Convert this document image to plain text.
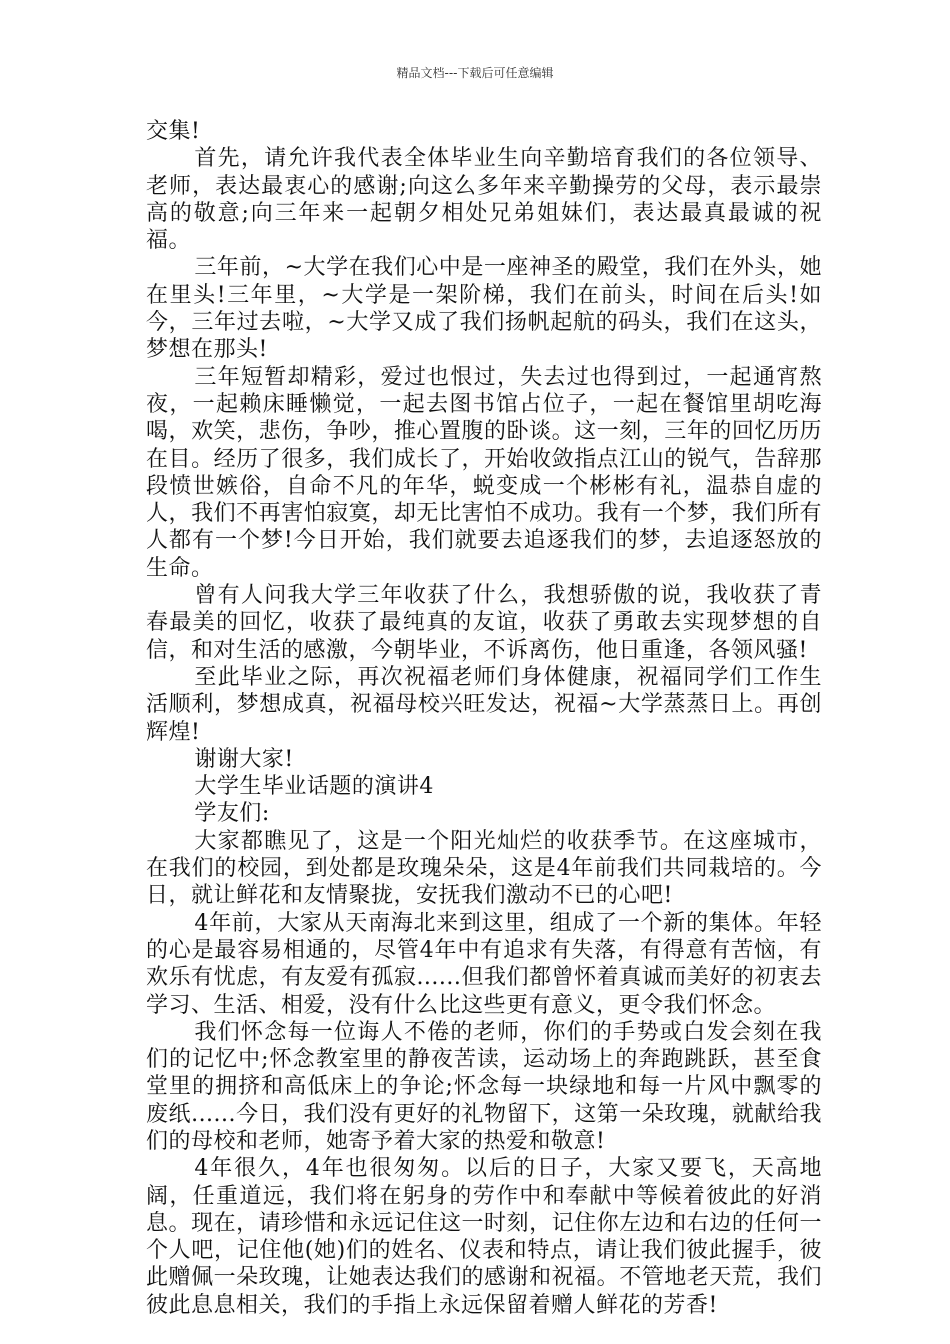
精品文档---下载后可任意编辑

交集!

首先，请允许我代表全体毕业生向辛勤培育我们的各位领导、老师，表达最衷心的感谢;向这么多年来辛勤操劳的父母，表示最崇高的敬意;向三年来一起朝夕相处兄弟姐妹们，表达最真最诚的祝福。

三年前，~大学在我们心中是一座神圣的殿堂，我们在外头，她在里头!三年里，~大学是一架阶梯，我们在前头，时间在后头!如今，三年过去啦，~大学又成了我们扬帆起航的码头，我们在这头，梦想在那头!

三年短暂却精彩，爱过也恨过，失去过也得到过，一起通宵熬夜，一起赖床睡懒觉，一起去图书馆占位子，一起在餐馆里胡吃海喝，欢笑，悲伤，争吵，推心置腹的卧谈。这一刻，三年的回忆历历在目。经历了很多，我们成长了，开始收敛指点江山的锐气，告辞那段愤世嫉俗，自命不凡的年华，蜕变成一个彬彬有礼，温恭自虚的人，我们不再害怕寂寞，却无比害怕不成功。我有一个梦，我们所有人都有一个梦!今日开始，我们就要去追逐我们的梦，去追逐怒放的生命。

曾有人问我大学三年收获了什么，我想骄傲的说，我收获了青春最美的回忆，收获了最纯真的友谊，收获了勇敢去实现梦想的自信，和对生活的感激，今朝毕业，不诉离伤，他日重逢，各领风骚!

至此毕业之际，再次祝福老师们身体健康，祝福同学们工作生活顺利，梦想成真，祝福母校兴旺发达，祝福~大学蒸蒸日上。再创辉煌!

谢谢大家!

大学生毕业话题的演讲4

学友们:

大家都瞧见了，这是一个阳光灿烂的收获季节。在这座城市，在我们的校园，到处都是玫瑰朵朵，这是4年前我们共同栽培的。今日，就让鲜花和友情聚拢，安抚我们激动不已的心吧!

4年前，大家从天南海北来到这里，组成了一个新的集体。年轻的心是最容易相通的，尽管4年中有追求有失落，有得意有苦恼，有欢乐有忧虑，有友爱有孤寂......但我们都曾怀着真诚而美好的初衷去学习、生活、相爱，没有什么比这些更有意义，更令我们怀念。

我们怀念每一位诲人不倦的老师，你们的手势或白发会刻在我们的记忆中;怀念教室里的静夜苦读，运动场上的奔跑跳跃，甚至食堂里的拥挤和高低床上的争论;怀念每一块绿地和每一片风中飘零的废纸......今日，我们没有更好的礼物留下，这第一朵玫瑰，就献给我们的母校和老师，她寄予着大家的热爱和敬意!

4年很久，4年也很匆匆。以后的日子，大家又要飞，天高地阔，任重道远，我们将在躬身的劳作中和奉献中等候着彼此的好消息。现在，请珍惜和永远记住这一时刻，记住你左边和右边的任何一个人吧，记住他(她)们的姓名、仪表和特点，请让我们彼此握手，彼此赠佩一朵玫瑰，让她表达我们的感谢和祝福。不管地老天荒，我们彼此息息相关，我们的手指上永远保留着赠人鲜花的芳香!
